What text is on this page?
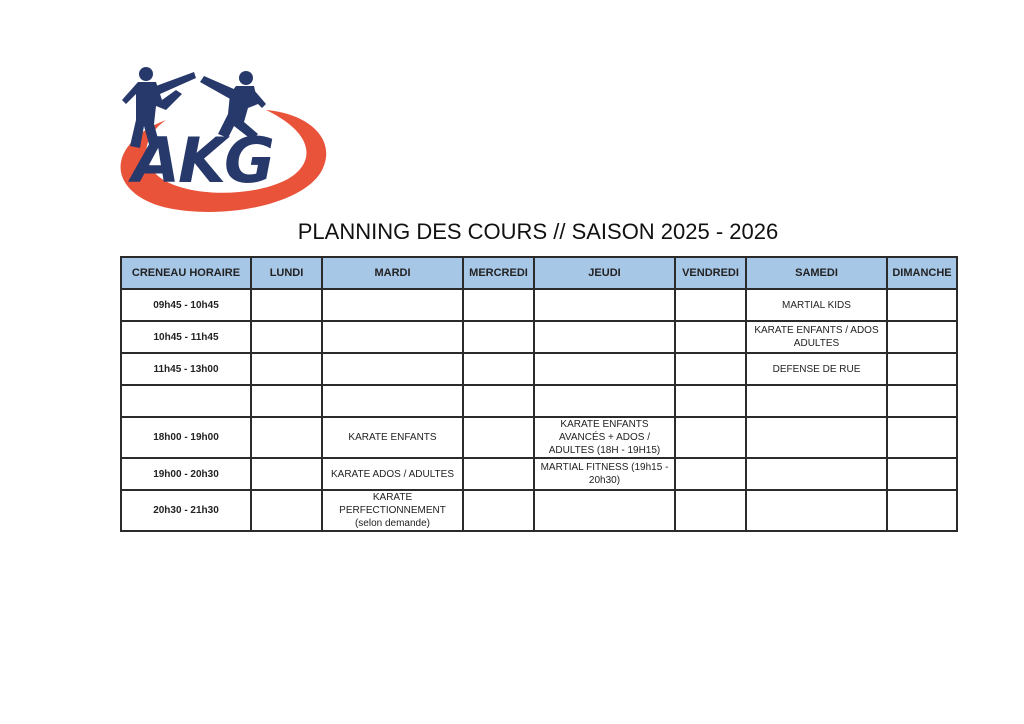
AKG
PLANNING DES COURS // SAISON 2025 - 2026
CRENEAU HORAIRE	LUNDI	MARDI	MERCREDI	JEUDI	VENDREDI	SAMEDI	DIMANCHE
09h45 - 10h45						MARTIAL KIDS	
10h45 - 11h45						KARATE ENFANTS / ADOS ADULTES	
11h45 - 13h00						DEFENSE DE RUE	

18h00 - 19h00		KARATE ENFANTS		KARATE ENFANTS AVANCÉS + ADOS / ADULTES (18H - 19H15)			
19h00 - 20h30		KARATE ADOS / ADULTES		MARTIAL FITNESS (19h15 - 20h30)			
20h30 - 21h30		KARATE PERFECTIONNEMENT (selon demande)					
